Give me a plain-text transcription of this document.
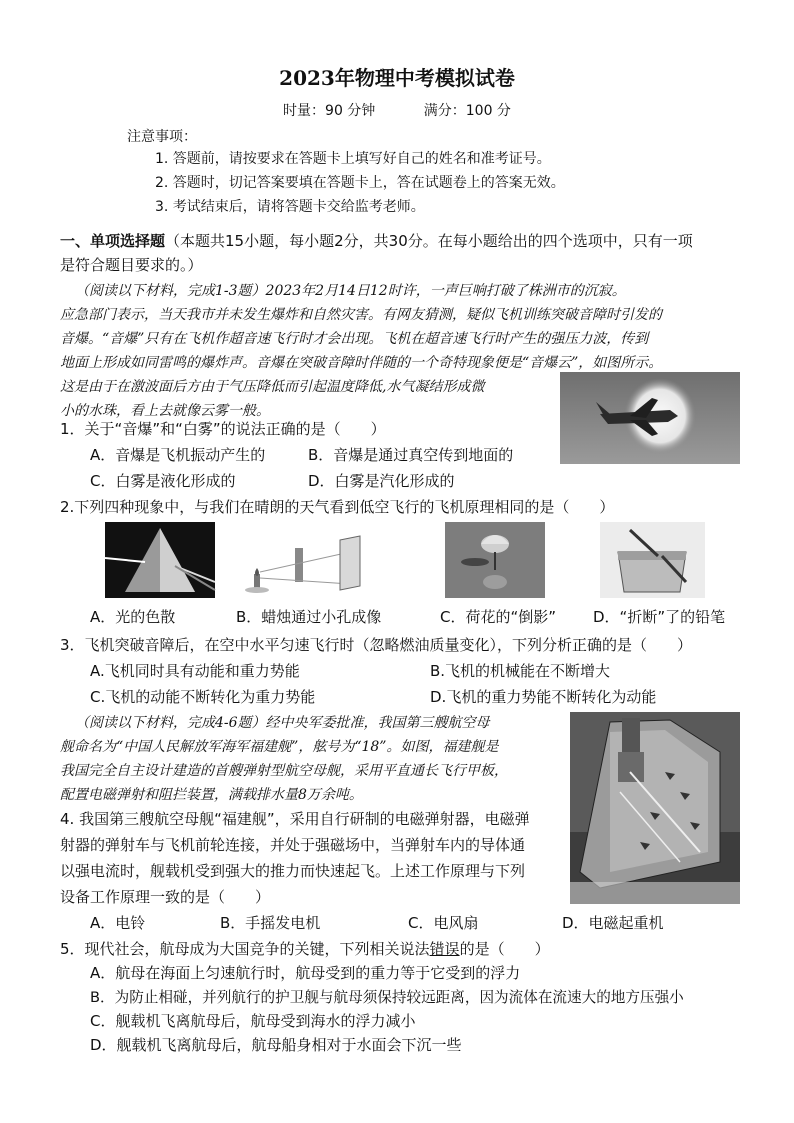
2023年物理中考模拟试卷
时量：90 分钟	满分：100 分
注意事项：
1. 答题前，请按要求在答题卡上填写好自己的姓名和准考证号。
2. 答题时，切记答案要填在答题卡上，答在试题卷上的答案无效。
3. 考试结束后，请将答题卡交给监考老师。
一、单项选择题（本题共15小题，每小题2分，共30分。在每小题给出的四个选项中，只有一项
是符合题目要求的。）
（阅读以下材料，完成1-3题）2023年2月14日12时许，一声巨响打破了株洲市的沉寂。
应急部门表示，当天我市并未发生爆炸和自然灾害。有网友猜测，疑似飞机训练突破音障时引发的
音爆。“音爆”只有在飞机作超音速飞行时才会出现。飞机在超音速飞行时产生的强压力波，传到
地面上形成如同雷鸣的爆炸声。音爆在突破音障时伴随的一个奇特现象便是“音爆云”，如图所示。
这是由于在激波面后方由于气压降低而引起温度降低,水气凝结形成微
小的水珠，看上去就像云雾一般。
1．关于“音爆”和“白雾”的说法正确的是（　　）
A．音爆是飞机振动产生的	B．音爆是通过真空传到地面的
C．白雾是液化形成的	D．白雾是汽化形成的
2.下列四种现象中，与我们在晴朗的天气看到低空飞行的飞机原理相同的是（　　）
A．光的色散	B．蜡烛通过小孔成像	C．荷花的“倒影” D．“折断”了的铅笔
3．飞机突破音障后，在空中水平匀速飞行时（忽略燃油质量变化），下列分析正确的是（　　）
A.飞机同时具有动能和重力势能	B.飞机的机械能在不断增大
C.飞机的动能不断转化为重力势能	D.飞机的重力势能不断转化为动能
（阅读以下材料，完成4-6题）经中央军委批准，我国第三艘航空母
舰命名为“中国人民解放军海军福建舰”，舷号为“18”。如图，福建舰是
我国完全自主设计建造的首艘弹射型航空母舰，采用平直通长飞行甲板，
配置电磁弹射和阻拦装置，满载排水量8万余吨。
4. 我国第三艘航空母舰“福建舰”，采用自行研制的电磁弹射器，电磁弹
射器的弹射车与飞机前轮连接，并处于强磁场中，当弹射车内的导体通
以强电流时，舰载机受到强大的推力而快速起飞。上述工作原理与下列
设备工作原理一致的是（　　）
A．电铃	B．手摇发电机	C．电风扇	D．电磁起重机
5．现代社会，航母成为大国竞争的关键，下列相关说法错误的是（　　）
A．航母在海面上匀速航行时，航母受到的重力等于它受到的浮力
B．为防止相碰，并列航行的护卫舰与航母须保持较远距离，因为流体在流速大的地方压强小
C．舰载机飞离航母后，航母受到海水的浮力减小
D．舰载机飞离航母后，航母船身相对于水面会下沉一些
